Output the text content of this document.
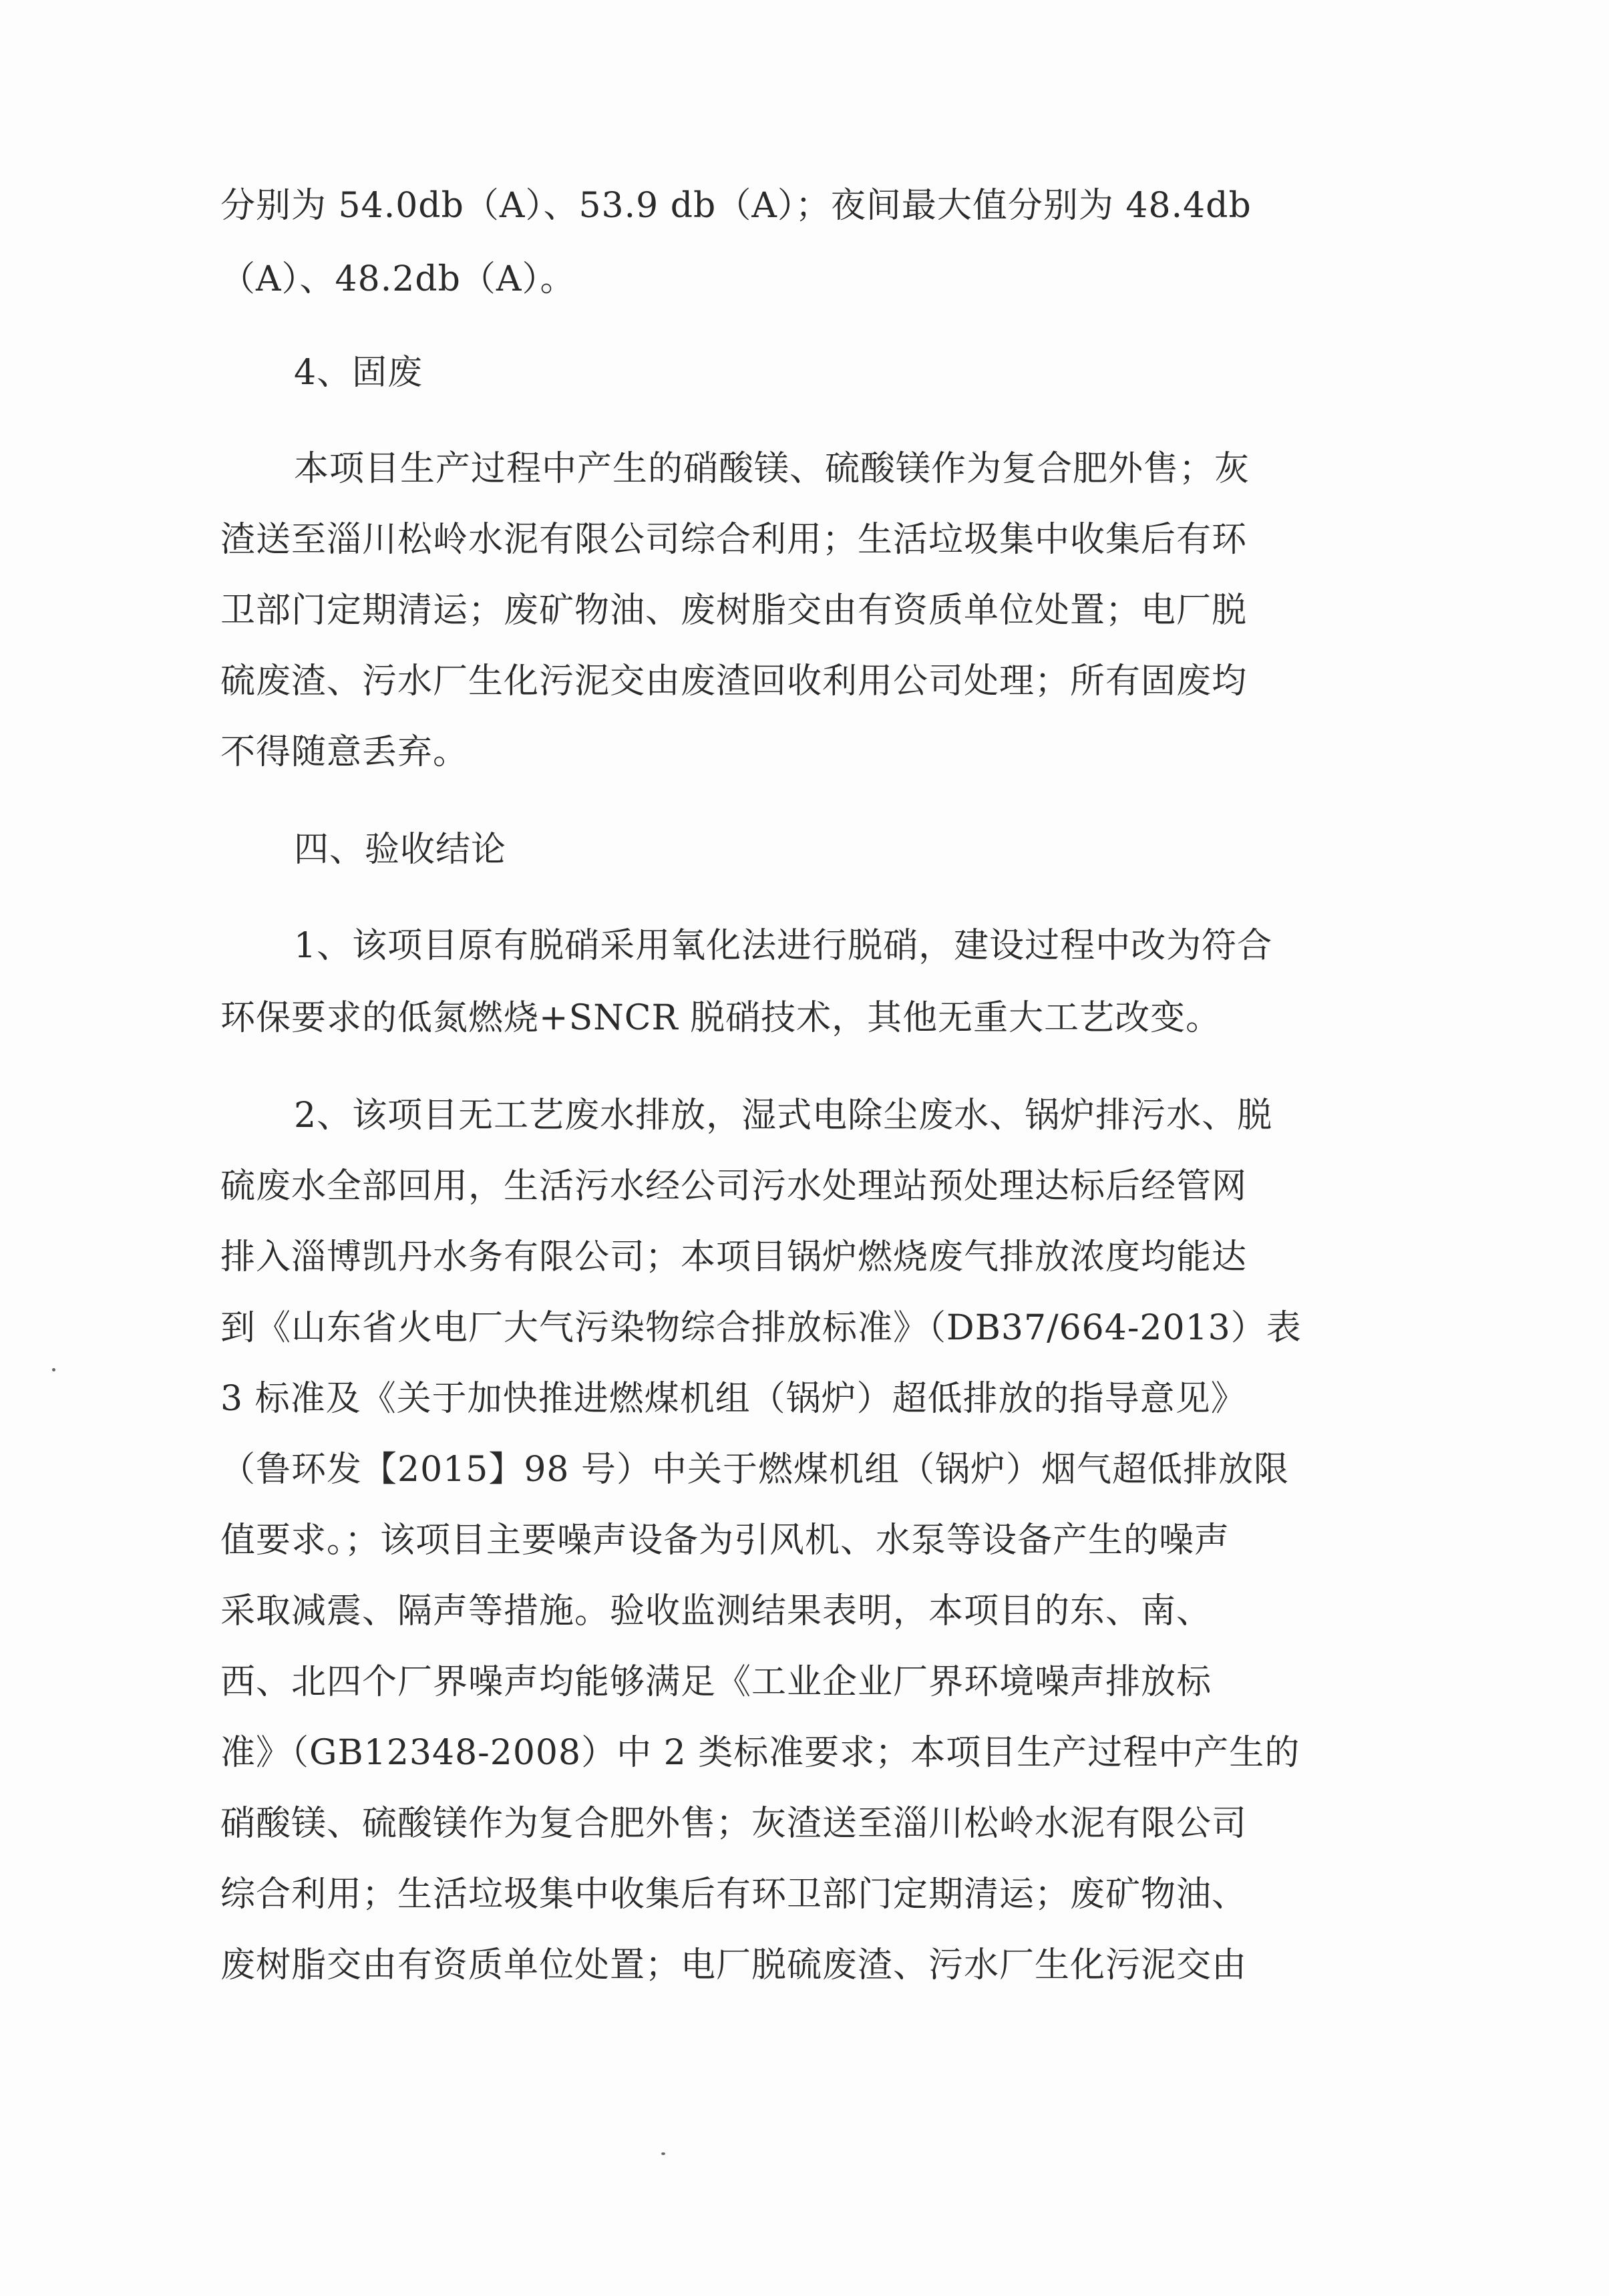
分别为 54.0db（A）、53.9 db（A）；夜间最大值分别为 48.4db
（A）、48.2db（A）。
4、固废
本项目生产过程中产生的硝酸镁、硫酸镁作为复合肥外售；灰
渣送至淄川松岭水泥有限公司综合利用；生活垃圾集中收集后有环
卫部门定期清运；废矿物油、废树脂交由有资质单位处置；电厂脱
硫废渣、污水厂生化污泥交由废渣回收利用公司处理；所有固废均
不得随意丢弃。
四、验收结论
1、该项目原有脱硝采用氧化法进行脱硝，建设过程中改为符合
环保要求的低氮燃烧+SNCR 脱硝技术，其他无重大工艺改变。
2、该项目无工艺废水排放，湿式电除尘废水、锅炉排污水、脱
硫废水全部回用，生活污水经公司污水处理站预处理达标后经管网
排入淄博凯丹水务有限公司；本项目锅炉燃烧废气排放浓度均能达
到《山东省火电厂大气污染物综合排放标准》（DB37/664-2013）表
3 标准及《关于加快推进燃煤机组（锅炉）超低排放的指导意见》
（鲁环发【2015】98 号）中关于燃煤机组（锅炉）烟气超低排放限
值要求。；该项目主要噪声设备为引风机、水泵等设备产生的噪声
采取减震、隔声等措施。验收监测结果表明，本项目的东、南、
西、北四个厂界噪声均能够满足《工业企业厂界环境噪声排放标
准》（GB12348-2008）中 2 类标准要求；本项目生产过程中产生的
硝酸镁、硫酸镁作为复合肥外售；灰渣送至淄川松岭水泥有限公司
综合利用；生活垃圾集中收集后有环卫部门定期清运；废矿物油、
废树脂交由有资质单位处置；电厂脱硫废渣、污水厂生化污泥交由
